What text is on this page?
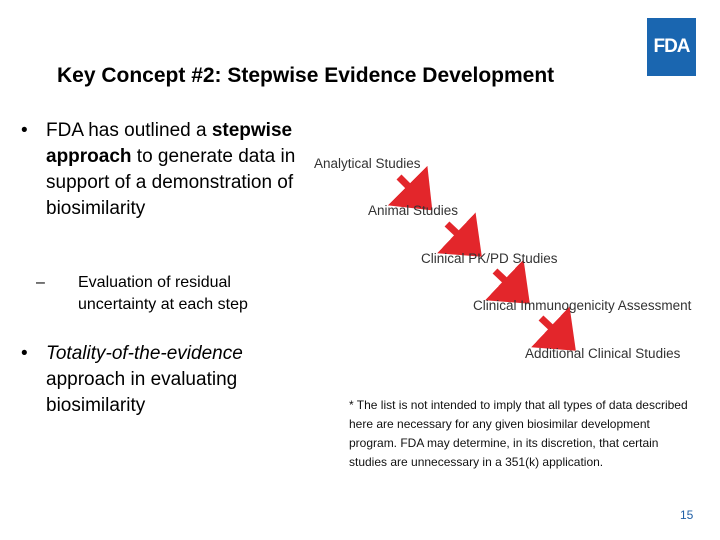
Key Concept #2: Stepwise Evidence Development
FDA
• FDA has outlined a stepwise approach to generate data in support of a demonstration of biosimilarity
– Evaluation of residual uncertainty at each step
• Totality-of-the-evidence approach in evaluating biosimilarity
Analytical Studies
Animal Studies
Clinical PK/PD Studies
Clinical Immunogenicity Assessment
Additional Clinical Studies
* The list is not intended to imply that all types of data described here are necessary for any given biosimilar development program. FDA may determine, in its discretion, that certain studies are unnecessary in a 351(k) application.
15
